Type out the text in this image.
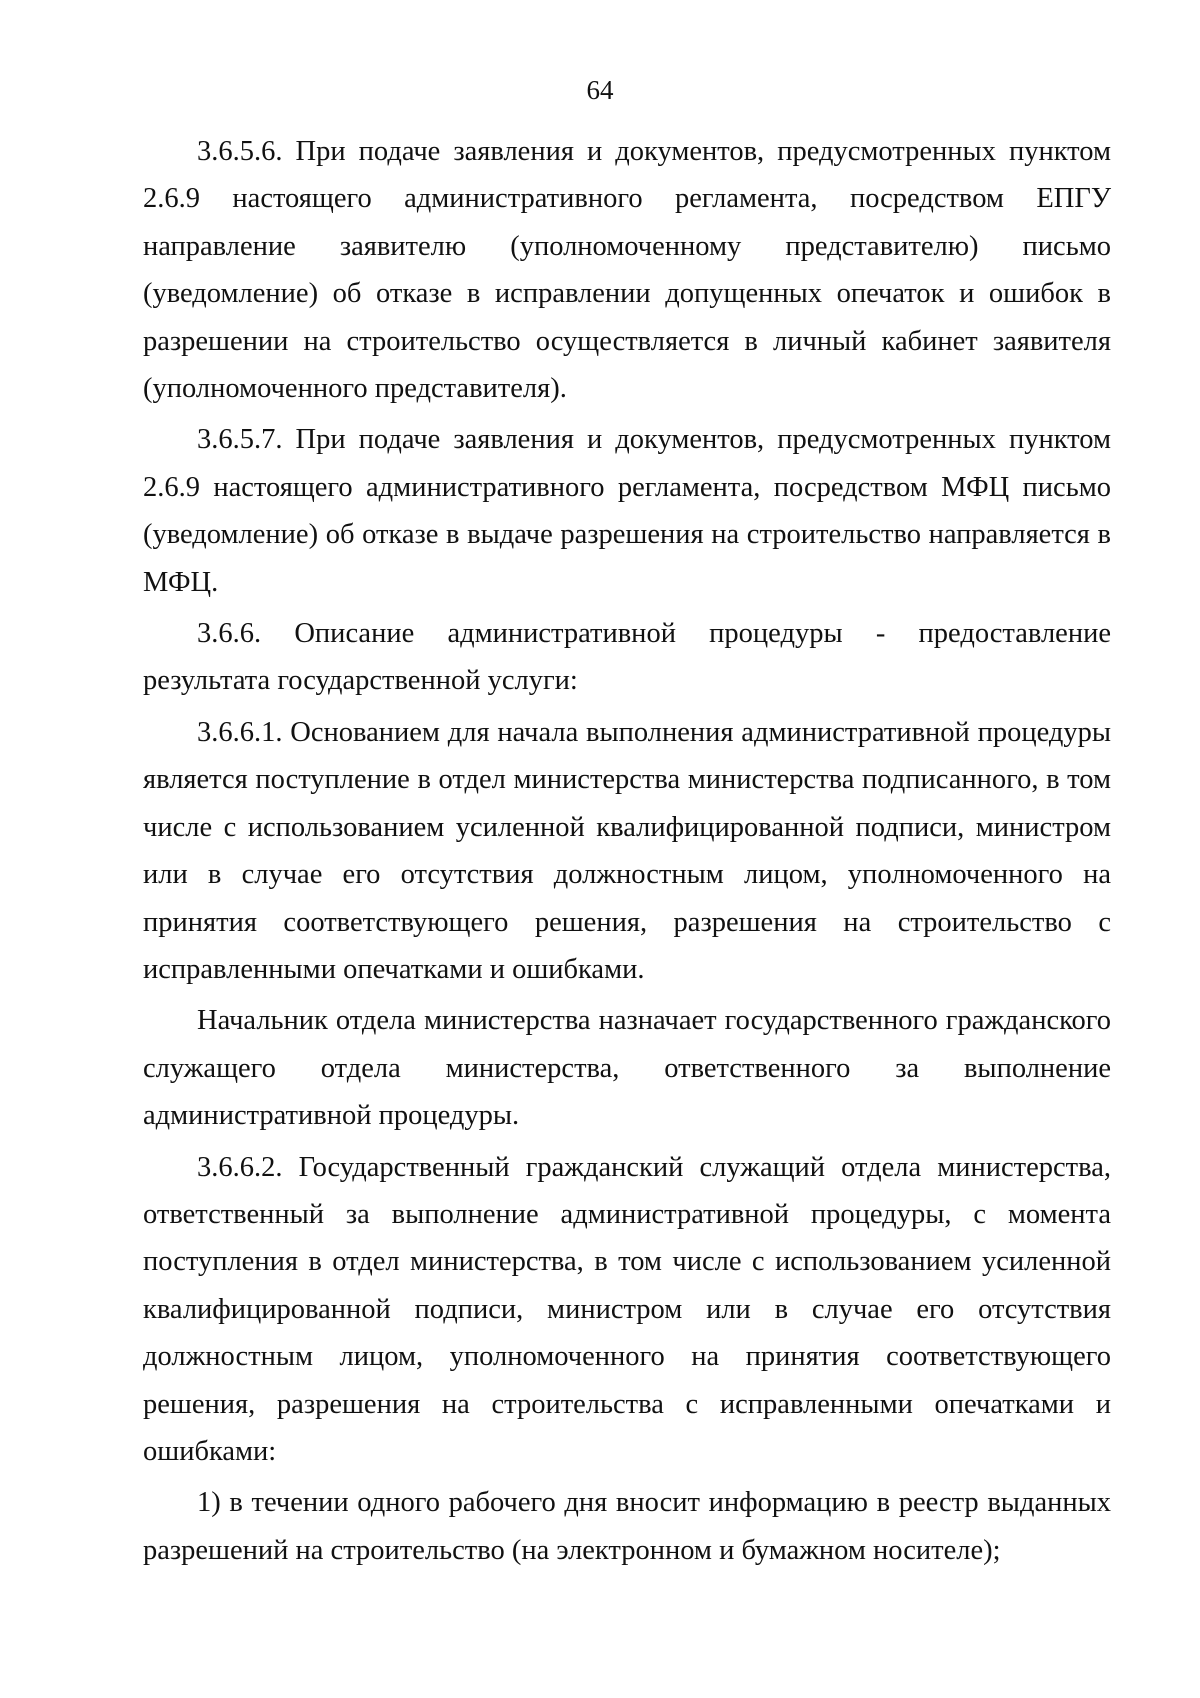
64

3.6.5.6. При подаче заявления и документов, предусмотренных пунктом 2.6.9 настоящего административного регламента, посредством ЕПГУ направление заявителю (уполномоченному представителю) письмо (уведомление) об отказе в исправлении допущенных опечаток и ошибок в разрешении на строительство осуществляется в личный кабинет заявителя (уполномоченного представителя).

3.6.5.7. При подаче заявления и документов, предусмотренных пунктом 2.6.9 настоящего административного регламента, посредством МФЦ письмо (уведомление) об отказе в выдаче разрешения на строительство направляется в МФЦ.

3.6.6. Описание административной процедуры - предоставление результата государственной услуги:

3.6.6.1. Основанием для начала выполнения административной процедуры является поступление в отдел министерства министерства подписанного, в том числе с использованием усиленной квалифицированной подписи, министром или в случае его отсутствия должностным лицом, уполномоченного на принятия соответствующего решения, разрешения на строительство с исправленными опечатками и ошибками.

Начальник отдела министерства назначает государственного гражданского служащего отдела министерства, ответственного за выполнение административной процедуры.

3.6.6.2. Государственный гражданский служащий отдела министерства, ответственный за выполнение административной процедуры, с момента поступления в отдел министерства, в том числе с использованием усиленной квалифицированной подписи, министром или в случае его отсутствия должностным лицом, уполномоченного на принятия соответствующего решения, разрешения на строительства с исправленными опечатками и ошибками:

1) в течении одного рабочего дня вносит информацию в реестр выданных разрешений на строительство (на электронном и бумажном носителе);
